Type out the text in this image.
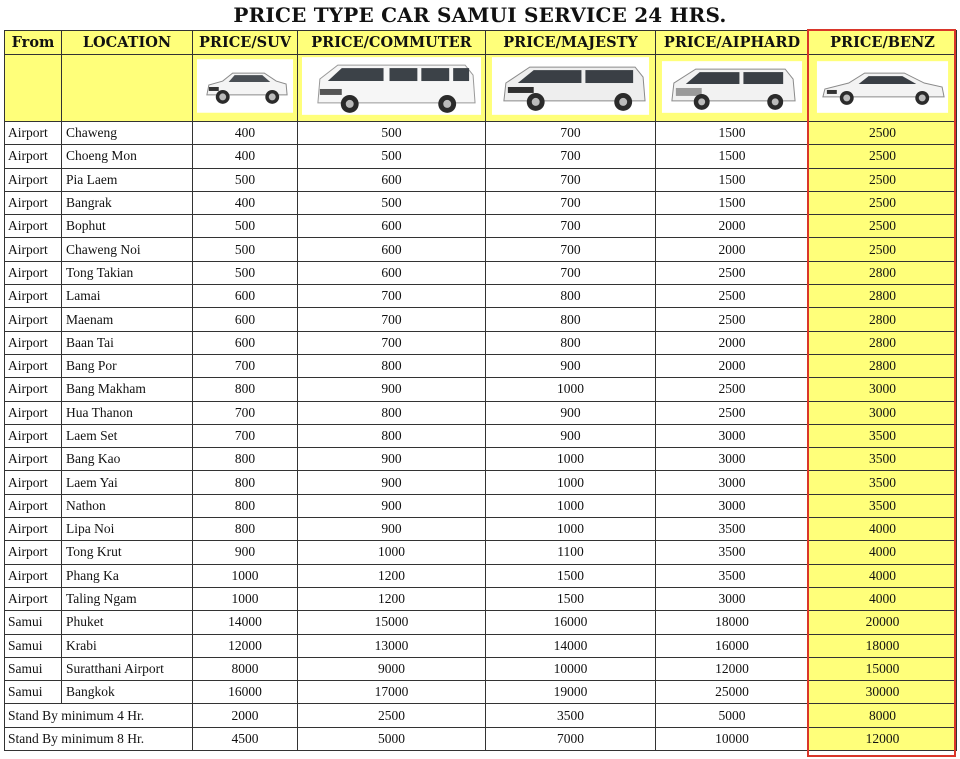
PRICE TYPE CAR SAMUI SERVICE 24 HRS.
From	LOCATION	PRICE/SUV	PRICE/COMMUTER	PRICE/MAJESTY	PRICE/AIPHARD	PRICE/BENZ

Airport	Chaweng	400	500	700	1500	2500
Airport	Choeng Mon	400	500	700	1500	2500
Airport	Pia Laem	500	600	700	1500	2500
Airport	Bangrak	400	500	700	1500	2500
Airport	Bophut	500	600	700	2000	2500
Airport	Chaweng Noi	500	600	700	2000	2500
Airport	Tong Takian	500	600	700	2500	2800
Airport	Lamai	600	700	800	2500	2800
Airport	Maenam	600	700	800	2500	2800
Airport	Baan Tai	600	700	800	2000	2800
Airport	Bang Por	700	800	900	2000	2800
Airport	Bang Makham	800	900	1000	2500	3000
Airport	Hua Thanon	700	800	900	2500	3000
Airport	Laem Set	700	800	900	3000	3500
Airport	Bang Kao	800	900	1000	3000	3500
Airport	Laem Yai	800	900	1000	3000	3500
Airport	Nathon	800	900	1000	3000	3500
Airport	Lipa Noi	800	900	1000	3500	4000
Airport	Tong Krut	900	1000	1100	3500	4000
Airport	Phang Ka	1000	1200	1500	3500	4000
Airport	Taling Ngam	1000	1200	1500	3000	4000
Samui	Phuket	14000	15000	16000	18000	20000
Samui	Krabi	12000	13000	14000	16000	18000
Samui	Suratthani Airport	8000	9000	10000	12000	15000
Samui	Bangkok	16000	17000	19000	25000	30000
Stand By minimum 4 Hr.		2000	2500	3500	5000	8000
Stand By minimum 8 Hr.		4500	5000	7000	10000	12000
